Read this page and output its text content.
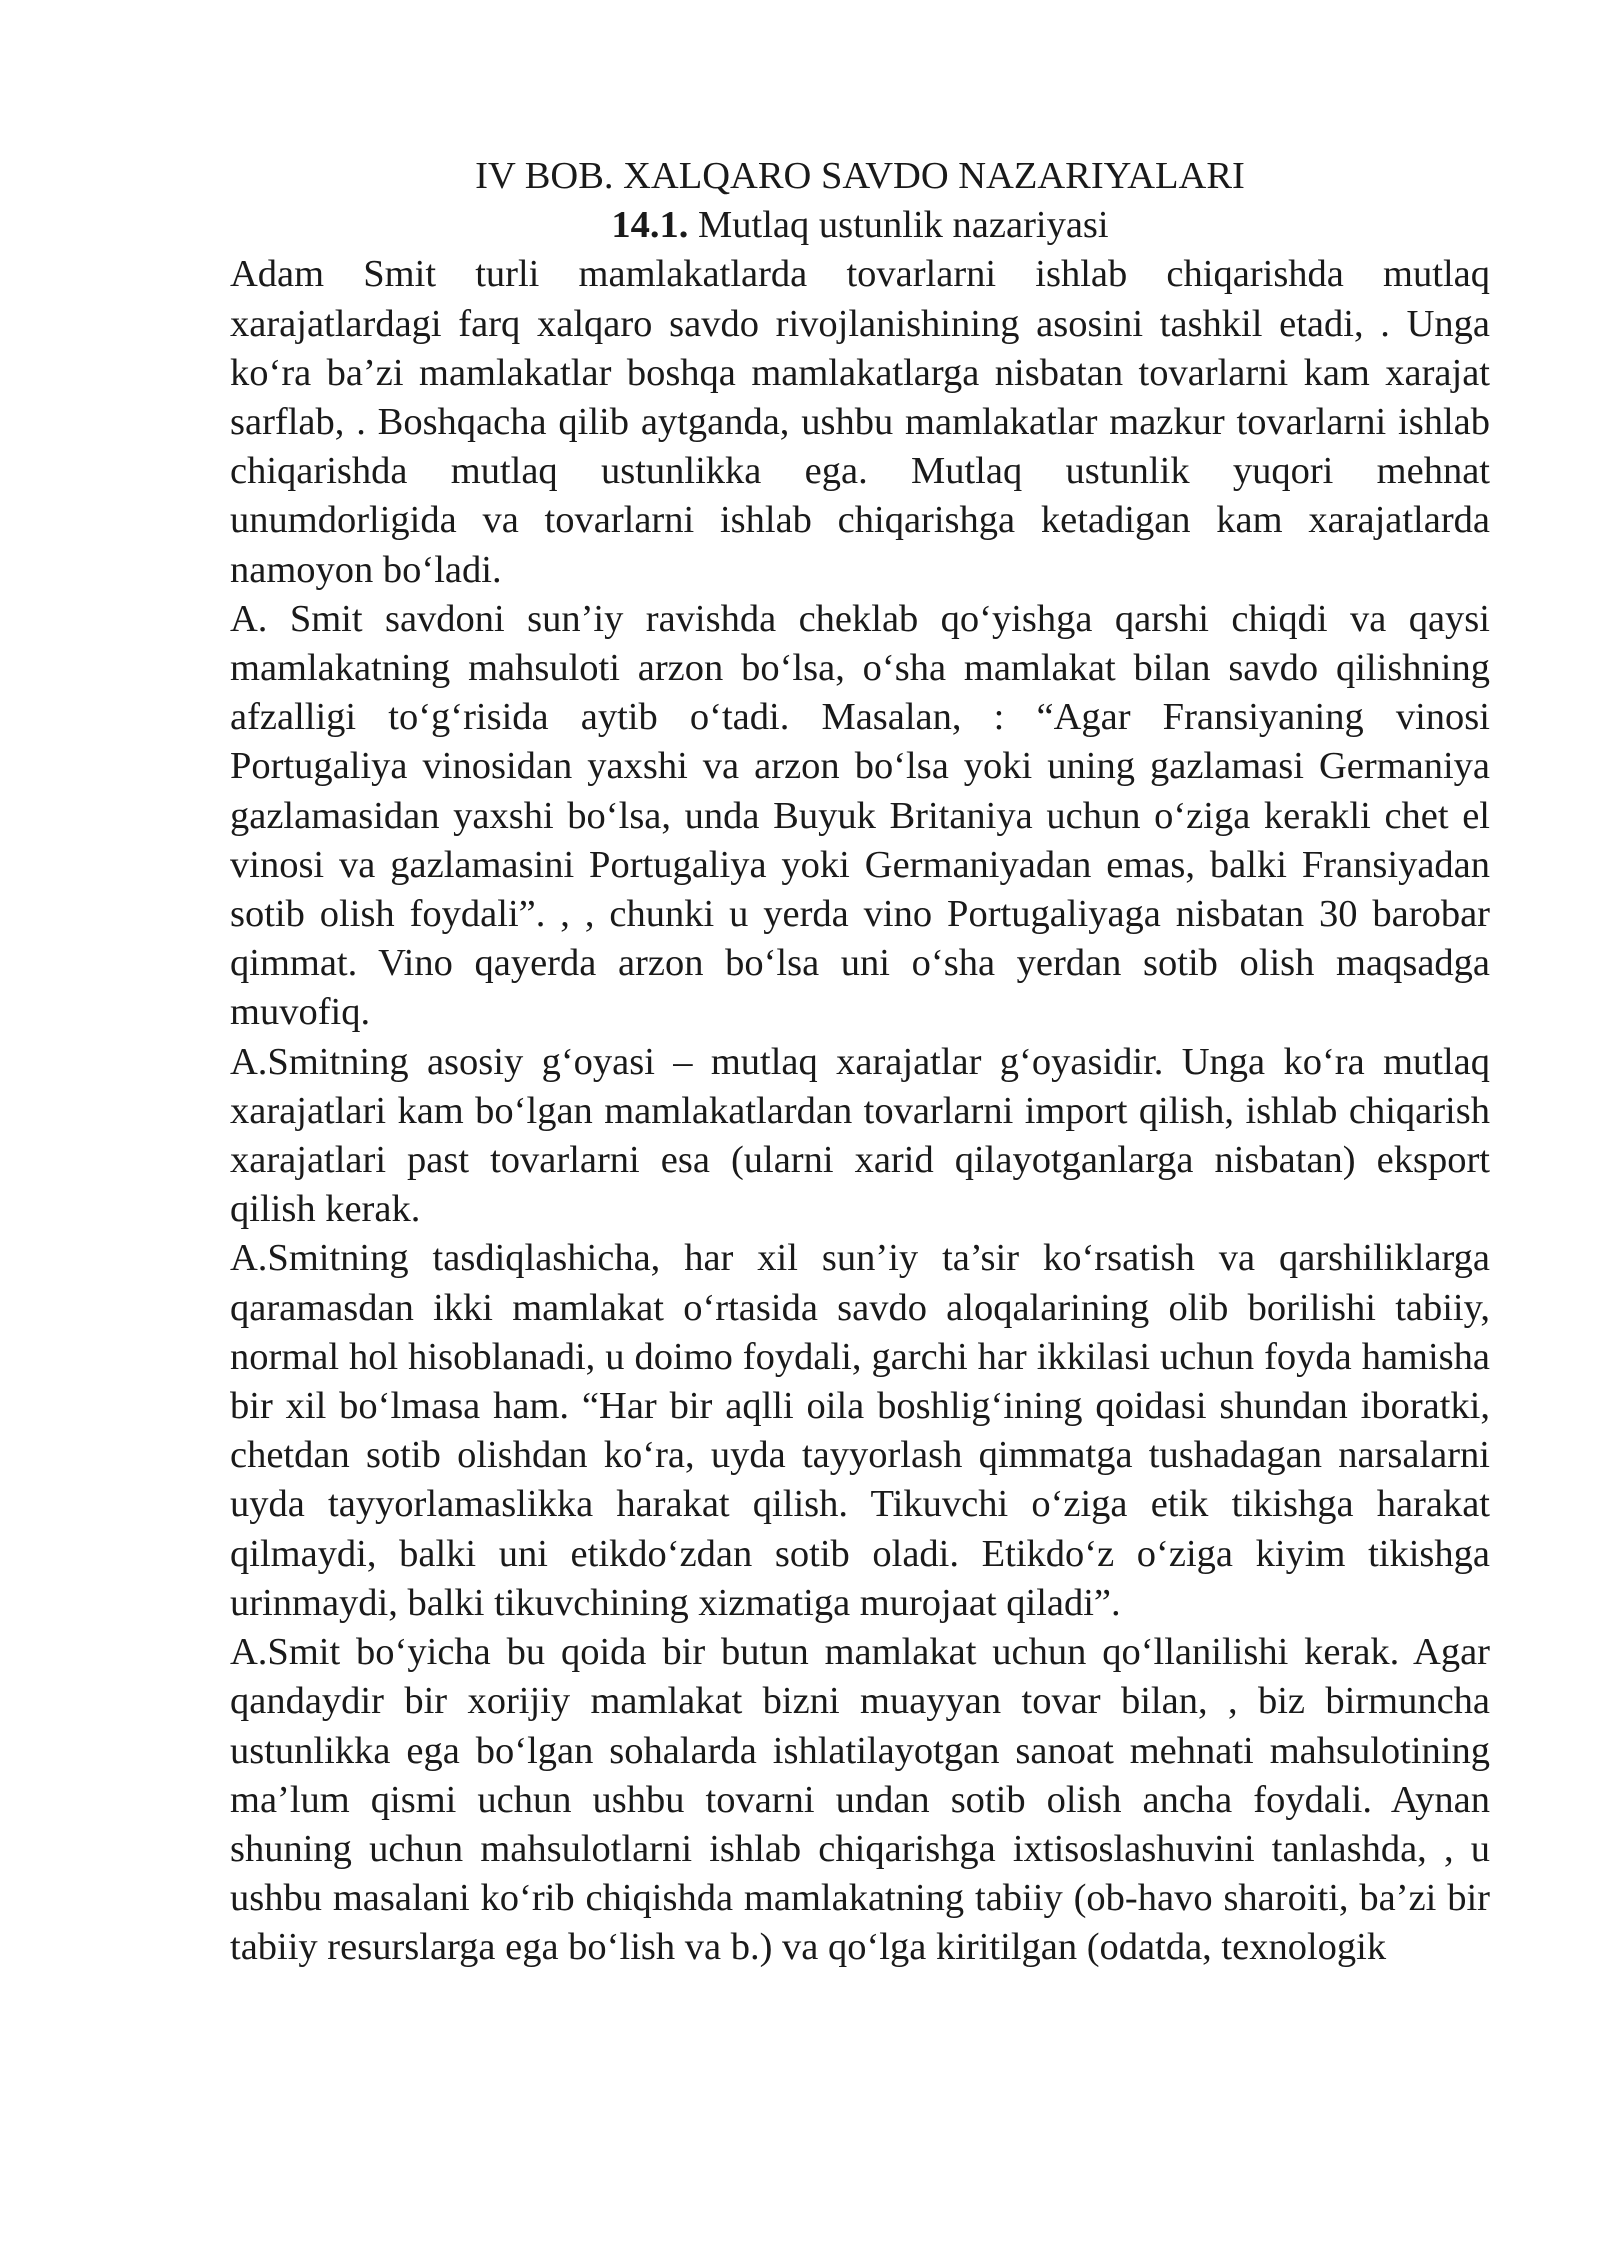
IV BOB. XALQARO SAVDO NAZARIYALARI
14.1. Mutlaq ustunlik nazariyasi

Adam Smit turli mamlakatlarda tovarlarni ishlab chiqarishda mutlaq xarajatlardagi farq xalqaro savdo rivojlanishining asosini tashkil etadi, . Unga ko‘ra ba’zi mamlakatlar boshqa mamlakatlarga nisbatan tovarlarni kam xarajat sarflab, . Boshqacha qilib aytganda, ushbu mamlakatlar mazkur tovarlarni ishlab chiqarishda mutlaq ustunlikka ega. Mutlaq ustunlik yuqori mehnat unumdorligida va tovarlarni ishlab chiqarishga ketadigan kam xarajatlarda namoyon bo‘ladi.

A. Smit savdoni sun’iy ravishda cheklab qo‘yishga qarshi chiqdi va qaysi mamlakatning mahsuloti arzon bo‘lsa, o‘sha mamlakat bilan savdo qilishning afzalligi to‘g‘risida aytib o‘tadi. Masalan, : “Agar Fransiyaning vinosi Portugaliya vinosidan yaxshi va arzon bo‘lsa yoki uning gazlamasi Germaniya gazlamasidan yaxshi bo‘lsa, unda Buyuk Britaniya uchun o‘ziga kerakli chet el vinosi va gazlamasini Portugaliya yoki Germaniyadan emas, balki Fransiyadan sotib olish foydali”. , , chunki u yerda vino Portugaliyaga nisbatan 30 barobar qimmat. Vino qayerda arzon bo‘lsa uni o‘sha yerdan sotib olish maqsadga muvofiq.

A.Smitning asosiy g‘oyasi – mutlaq xarajatlar g‘oyasidir. Unga ko‘ra mutlaq xarajatlari kam bo‘lgan mamlakatlardan tovarlarni import qilish, ishlab chiqarish xarajatlari past tovarlarni esa (ularni xarid qilayotganlarga nisbatan) eksport qilish kerak.

A.Smitning tasdiqlashicha, har xil sun’iy ta’sir ko‘rsatish va qarshiliklarga qaramasdan ikki mamlakat o‘rtasida savdo aloqalarining olib borilishi tabiiy, normal hol hisoblanadi, u doimo foydali, garchi har ikkilasi uchun foyda hamisha bir xil bo‘lmasa ham. “Har bir aqlli oila boshlig‘ining qoidasi shundan iboratki, chetdan sotib olishdan ko‘ra, uyda tayyorlash qimmatga tushadagan narsalarni uyda tayyorlamaslikka harakat qilish. Tikuvchi o‘ziga etik tikishga harakat qilmaydi, balki uni etikdo‘zdan sotib oladi. Etikdo‘z o‘ziga kiyim tikishga urinmaydi, balki tikuvchining xizmatiga murojaat qiladi”.

A.Smit bo‘yicha bu qoida bir butun mamlakat uchun qo‘llanilishi kerak. Agar qandaydir bir xorijiy mamlakat bizni muayyan tovar bilan, , biz birmuncha ustunlikka ega bo‘lgan sohalarda ishlatilayotgan sanoat mehnati mahsulotining ma’lum qismi uchun ushbu tovarni undan sotib olish ancha foydali. Aynan shuning uchun mahsulotlarni ishlab chiqarishga ixtisoslashuvini tanlashda, , u ushbu masalani ko‘rib chiqishda mamlakatning tabiiy (ob-havo sharoiti, ba’zi bir tabiiy resurslarga ega bo‘lish va b.) va qo‘lga kiritilgan (odatda, texnologik
